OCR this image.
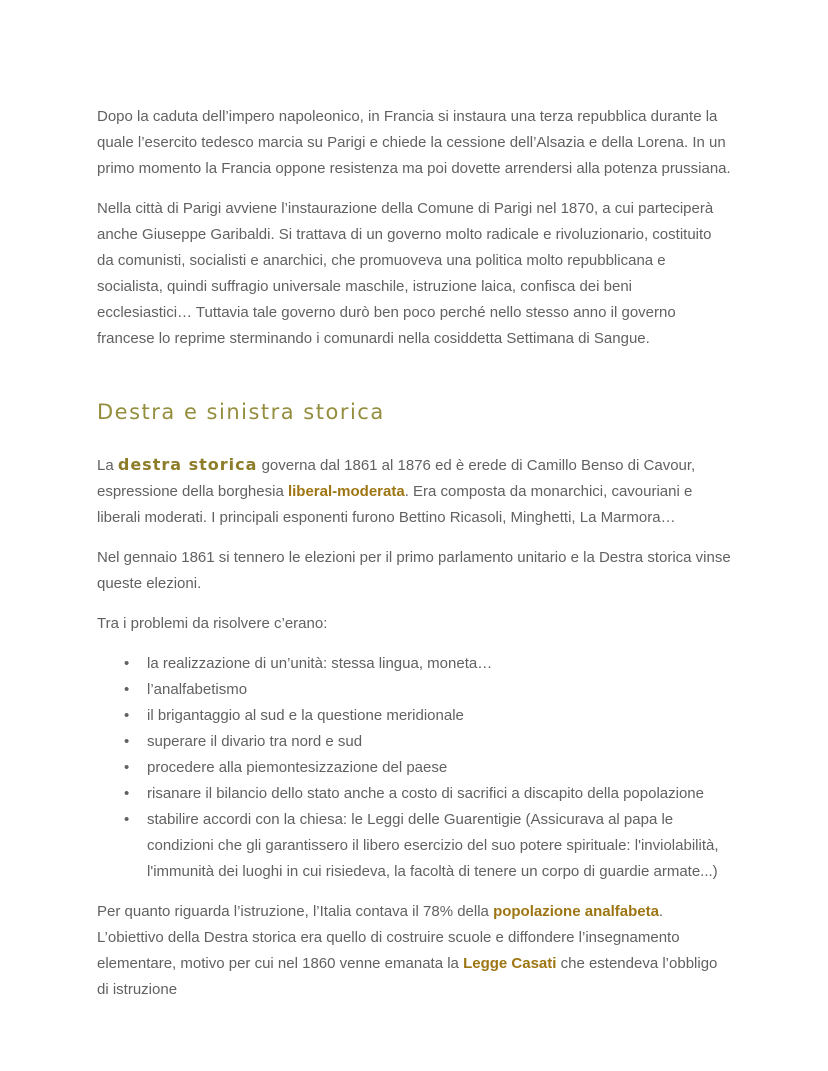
Dopo la caduta dell’impero napoleonico, in Francia si instaura una terza repubblica durante la quale l’esercito tedesco marcia su Parigi e chiede la cessione dell’Alsazia e della Lorena. In un primo momento la Francia oppone resistenza ma poi dovette arrendersi alla potenza prussiana.

Nella città di Parigi avviene l’instaurazione della Comune di Parigi nel 1870, a cui parteciperà anche Giuseppe Garibaldi. Si trattava di un governo molto radicale e rivoluzionario, costituito da comunisti, socialisti e anarchici, che promuoveva una politica molto repubblicana e socialista, quindi suffragio universale maschile, istruzione laica, confisca dei beni ecclesiastici… Tuttavia tale governo durò ben poco perché nello stesso anno il governo francese lo reprime sterminando i comunardi nella cosiddetta Settimana di Sangue.

Destra e sinistra storica

La destra storica governa dal 1861 al 1876 ed è erede di Camillo Benso di Cavour, espressione della borghesia liberal-moderata. Era composta da monarchici, cavouriani e liberali moderati. I principali esponenti furono Bettino Ricasoli, Minghetti, La Marmora…

Nel gennaio 1861 si tennero le elezioni per il primo parlamento unitario e la Destra storica vinse queste elezioni.

Tra i problemi da risolvere c’erano:

• la realizzazione di un’unità: stessa lingua, moneta…
• l’analfabetismo
• il brigantaggio al sud e la questione meridionale
• superare il divario tra nord e sud
• procedere alla piemontesizzazione del paese
• risanare il bilancio dello stato anche a costo di sacrifici a discapito della popolazione
• stabilire accordi con la chiesa: le Leggi delle Guarentigie (Assicurava al papa le condizioni che gli garantissero il libero esercizio del suo potere spirituale: l'inviolabilità, l'immunità dei luoghi in cui risiedeva, la facoltà di tenere un corpo di guardie armate...)

Per quanto riguarda l’istruzione, l’Italia contava il 78% della popolazione analfabeta. L’obiettivo della Destra storica era quello di costruire scuole e diffondere l’insegnamento elementare, motivo per cui nel 1860 venne emanata la Legge Casati che estendeva l’obbligo di istruzione
